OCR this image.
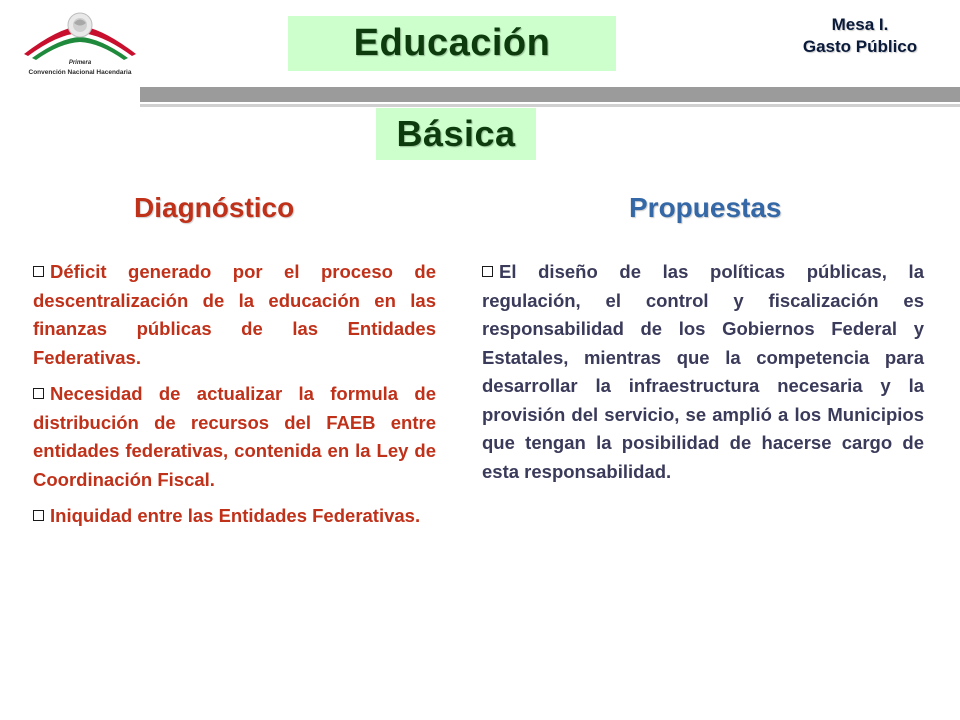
Primera
Convención Nacional Hacendaria
Educación	Mesa I.
Gasto Público
Básica
Diagnóstico	Propuestas
Déficit generado por el proceso de descentralización de la educación en las finanzas públicas de las Entidades Federativas.
Necesidad de actualizar la formula de distribución de recursos del FAEB entre entidades federativas, contenida en la Ley de Coordinación Fiscal.
Iniquidad entre las Entidades Federativas.
El diseño de las políticas públicas, la regulación, el control y fiscalización es responsabilidad de los Gobiernos Federal y Estatales, mientras que la competencia para desarrollar la infraestructura necesaria y la provisión del servicio, se amplió a los Municipios que tengan la posibilidad de hacerse cargo de esta responsabilidad.
